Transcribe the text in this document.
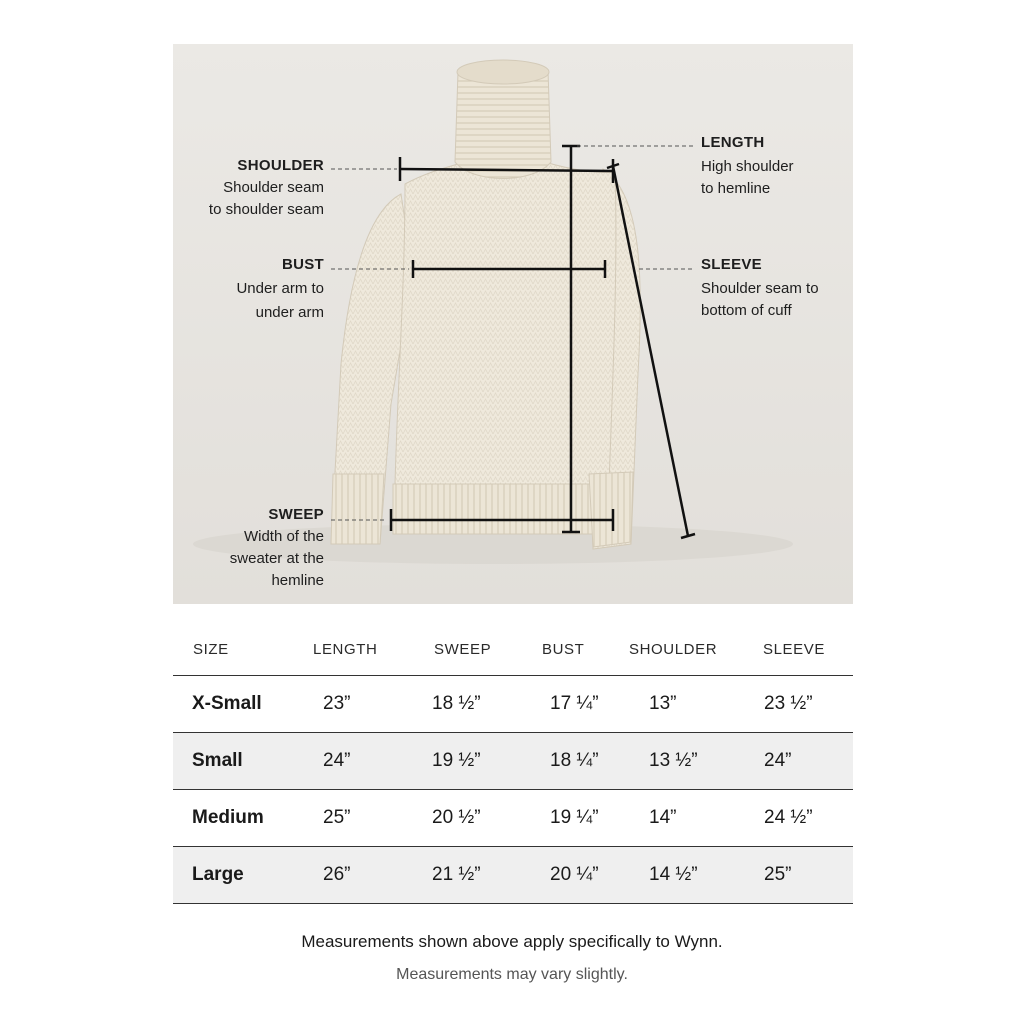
SHOULDER
Shoulder seam
to shoulder seam
BUST
Under arm to
under arm
SWEEP
Width of the
sweater at the
hemline
LENGTH
High shoulder
to hemline
SLEEVE
Shoulder seam to
bottom of cuff
SIZE	LENGTH	SWEEP	BUST	SHOULDER	SLEEVE
X-Small	23”	18 ½”	17 ¼”	13”	23 ½”
Small	24”	19 ½”	18 ¼”	13 ½”	24”
Medium	25”	20 ½”	19 ¼”	14”	24 ½”
Large	26”	21 ½”	20 ¼”	14 ½”	25”
Measurements shown above apply specifically to Wynn.
Measurements may vary slightly.
